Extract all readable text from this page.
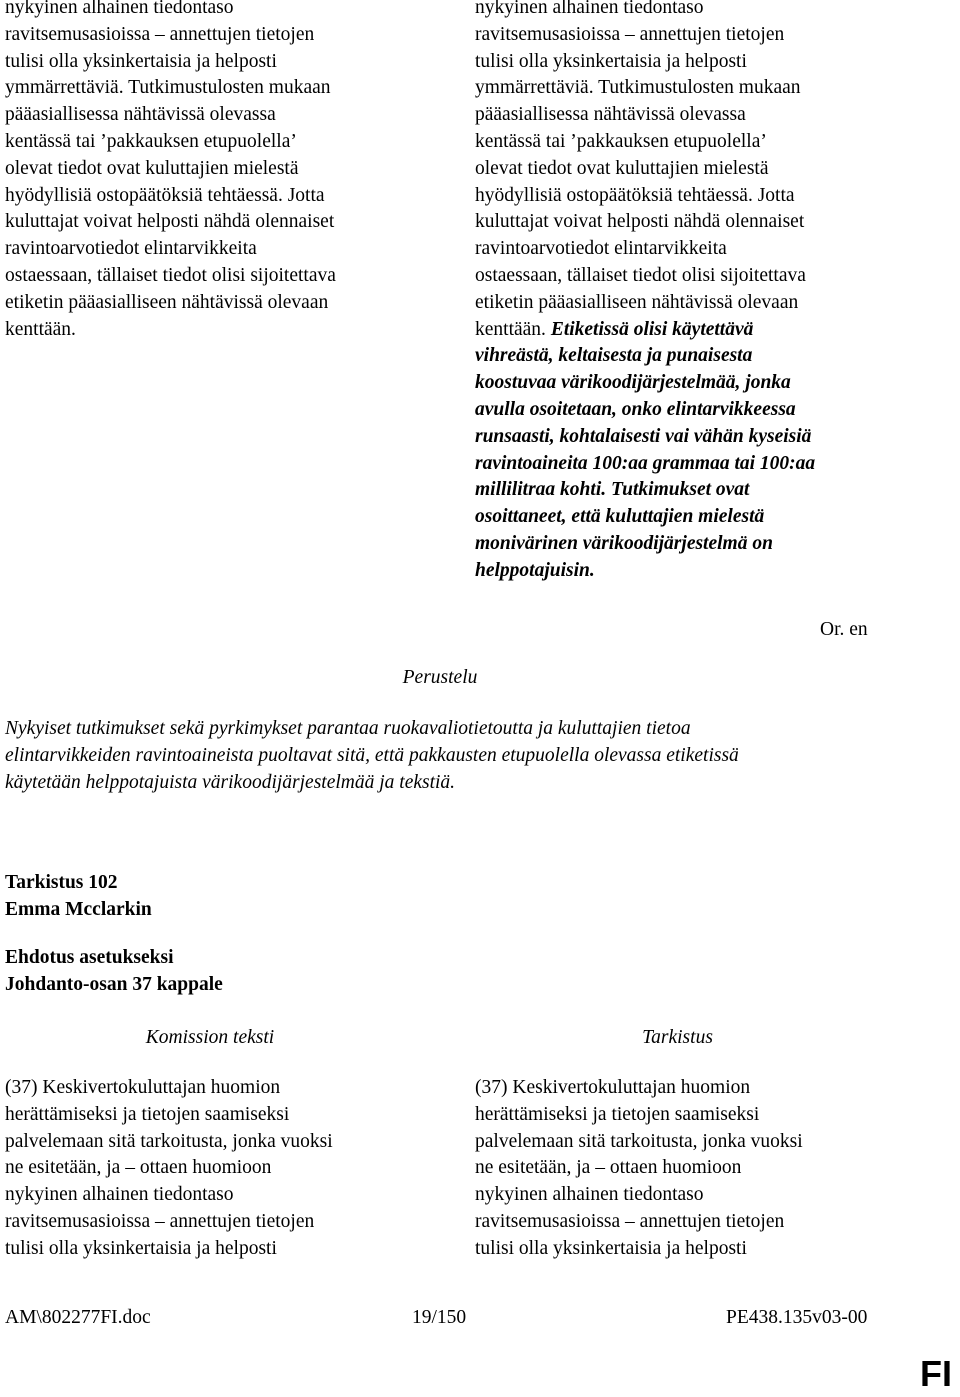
nykyinen alhainen tiedontaso
ravitsemusasioissa – annettujen tietojen
tulisi olla yksinkertaisia ja helposti
ymmärrettäviä. Tutkimustulosten mukaan
pääasiallisessa nähtävissä olevassa
kentässä tai ’pakkauksen etupuolella’
olevat tiedot ovat kuluttajien mielestä
hyödyllisiä ostopäätöksiä tehtäessä. Jotta
kuluttajat voivat helposti nähdä olennaiset
ravintoarvotiedot elintarvikkeita
ostaessaan, tällaiset tiedot olisi sijoitettava
etiketin pääasialliseen nähtävissä olevaan
kenttään.
nykyinen alhainen tiedontaso
ravitsemusasioissa – annettujen tietojen
tulisi olla yksinkertaisia ja helposti
ymmärrettäviä. Tutkimustulosten mukaan
pääasiallisessa nähtävissä olevassa
kentässä tai ’pakkauksen etupuolella’
olevat tiedot ovat kuluttajien mielestä
hyödyllisiä ostopäätöksiä tehtäessä. Jotta
kuluttajat voivat helposti nähdä olennaiset
ravintoarvotiedot elintarvikkeita
ostaessaan, tällaiset tiedot olisi sijoitettava
etiketin pääasialliseen nähtävissä olevaan
kenttään. Etiketissä olisi käytettävä
vihreästä, keltaisesta ja punaisesta
koostuvaa värikoodijärjestelmää, jonka
avulla osoitetaan, onko elintarvikkeessa
runsaasti, kohtalaisesti vai vähän kyseisiä
ravintoaineita 100:aa grammaa tai 100:aa
millilitraa kohti. Tutkimukset ovat
osoittaneet, että kuluttajien mielestä
monivärinen värikoodijärjestelmä on
helppotajuisin.
Or. en
Perustelu
Nykyiset tutkimukset sekä pyrkimykset parantaa ruokavaliotietoutta ja kuluttajien tietoa
elintarvikkeiden ravintoaineista puoltavat sitä, että pakkausten etupuolella olevassa etiketissä
käytetään helppotajuista värikoodijärjestelmää ja tekstiä.
Tarkistus 102
Emma Mcclarkin
Ehdotus asetukseksi
Johdanto-osan 37 kappale
Komission teksti	Tarkistus
(37) Keskivertokuluttajan huomion
herättämiseksi ja tietojen saamiseksi
palvelemaan sitä tarkoitusta, jonka vuoksi
ne esitetään, ja – ottaen huomioon
nykyinen alhainen tiedontaso
ravitsemusasioissa – annettujen tietojen
tulisi olla yksinkertaisia ja helposti
(37) Keskivertokuluttajan huomion
herättämiseksi ja tietojen saamiseksi
palvelemaan sitä tarkoitusta, jonka vuoksi
ne esitetään, ja – ottaen huomioon
nykyinen alhainen tiedontaso
ravitsemusasioissa – annettujen tietojen
tulisi olla yksinkertaisia ja helposti
AM\802277FI.doc	19/150	PE438.135v03-00
FI
